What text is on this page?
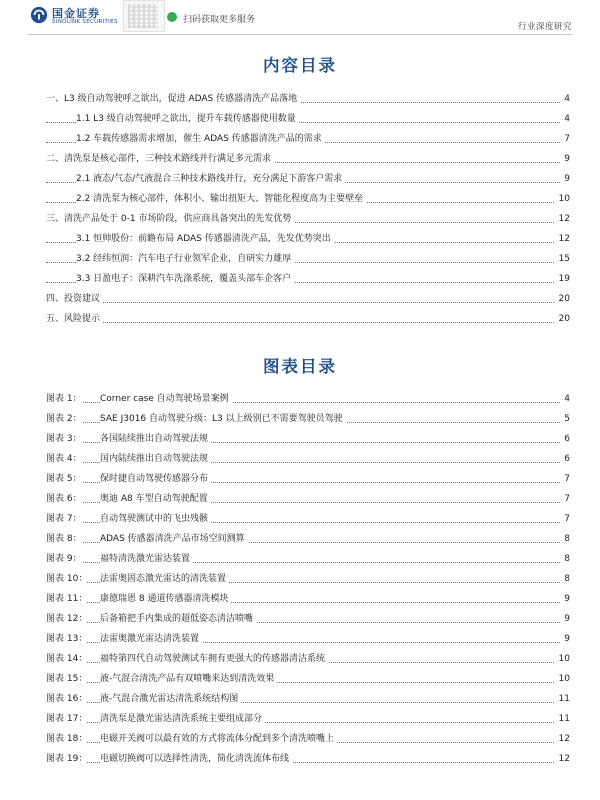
国金证券
SINOLINK SECURITIES	扫码获取更多服务
行业深度研究
内容目录
一、L3 级自动驾驶呼之欲出，促进 ADAS 传感器清洗产品落地	4
1.1 L3 级自动驾驶呼之欲出，提升车载传感器使用数量	4
1.2 车载传感器需求增加，催生 ADAS 传感器清洗产品的需求	7
二、清洗泵是核心部件，三种技术路线并行满足多元需求	9
2.1 液态/气态/气液混合三种技术路线并行，充分满足下游客户需求	9
2.2 清洗泵为核心部件，体积小、输出扭矩大、智能化程度高为主要壁垒	10
三、清洗产品处于 0-1 市场阶段，供应商具备突出的先发优势	12
3.1 恒帅股份：前瞻布局 ADAS 传感器清洗产品，先发优势突出	12
3.2 经纬恒润：汽车电子行业领军企业，自研实力雄厚	15
3.3 日盈电子：深耕汽车洗涤系统，覆盖头部车企客户	19
四、投资建议	20
五、风险提示	20
图表目录
图表 1： Corner case 自动驾驶场景案例	4
图表 2： SAE J3016 自动驾驶分级：L3 以上级别已不需要驾驶员驾驶	5
图表 3： 各国陆续推出自动驾驶法规	6
图表 4： 国内陆续推出自动驾驶法规	6
图表 5： 保时捷自动驾驶传感器分布	7
图表 6： 奥迪 A8 车型自动驾驶配置	7
图表 7： 自动驾驶测试中的飞虫残骸	7
图表 8： ADAS 传感器清洗产品市场空间测算	8
图表 9： 福特清洗激光雷达装置	8
图表 10： 法雷奥固态激光雷达的清洗装置	8
图表 11： 康德瑞恩 8 通道传感器清洗模块	9
图表 12： 后备箱把手内集成的超低姿态清洁喷嘴	9
图表 13： 法雷奥激光雷达清洗装置	9
图表 14： 福特第四代自动驾驶测试车拥有更强大的传感器清洁系统	10
图表 15： 液-气混合清洗产品有双喷嘴来达到清洗效果	10
图表 16： 液-气混合激光雷达清洗系统结构图	11
图表 17： 清洗泵是激光雷达清洗系统主要组成部分	11
图表 18： 电磁开关阀可以最有效的方式将流体分配到多个清洗喷嘴上	12
图表 19： 电磁切换阀可以选择性清洗，简化清洗流体布线	12
